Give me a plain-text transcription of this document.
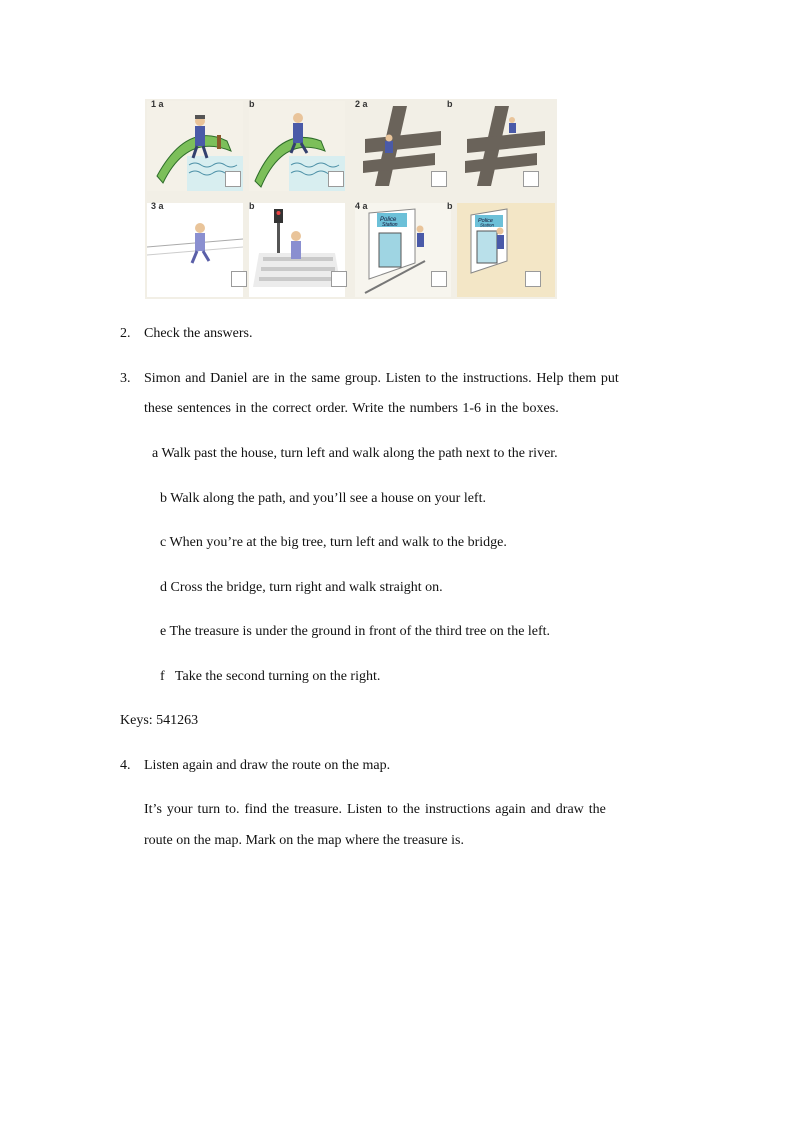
1 a	b	2 a	b
3 a	b
Police
Station
4 a
Police
Station
b
2. Check the answers.
3. Simon and Daniel are in the same group. Listen to the instructions. Help them put
these sentences in the correct order. Write the numbers 1-6 in the boxes.
a Walk past the house, turn left and walk along the path next to the river.
b Walk along the path, and you’ll see a house on your left.
c When you’re at the big tree, turn left and walk to the bridge.
d Cross the bridge, turn right and walk straight on.
e The treasure is under the ground in front of the third tree on the left.
f   Take the second turning on the right.
Keys: 541263
4. Listen again and draw the route on the map.
It’s your turn to. find the treasure. Listen to the instructions again and draw the
route on the map. Mark on the map where the treasure is.
